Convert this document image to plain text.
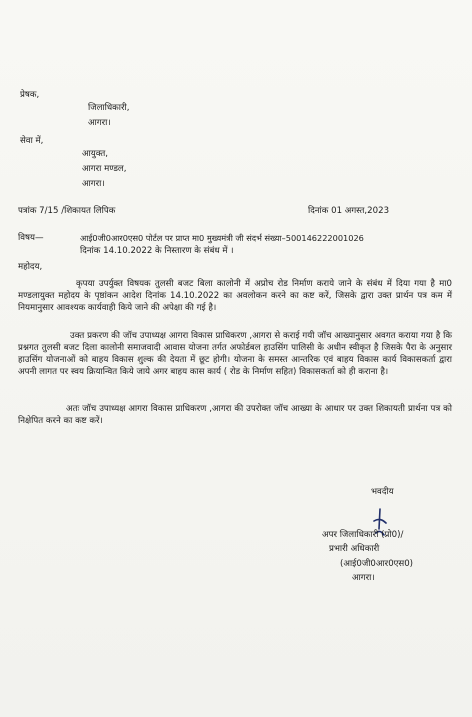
प्रेषक,
जिलाधिकारी,
आगरा।
सेवा में,
आयुक्त,
आगरा मण्डल,
आगरा।
पत्रांक 7/15 /शिकायत लिपिक	दिनांक 01 अगस्त,2023
विषय—	आई0जी0आर0एस0 पोर्टल पर प्राप्त मा0 मुख्यमंत्री जी संदर्भ संख्या–500146222001026
दिनांक 14.10.2022 के निस्तारण के संबंध में ।
महोदय,
कृपया उपर्युक्त विषयक तुलसी बजट बिला कालोनी में अप्रोच रोड निर्माण कराये जाने के संबंध में दिया गया है मा0 मण्डलायुक्त महोदय के पृष्ठांकन आदेश दिनांक 14.10.2022 का अवलोकन करने का कष्ट करें, जिसके द्वारा उक्त प्रार्थन पत्र कम में नियमानुसार आवश्यक कार्यवाही किये जाने की अपेक्षा की गई है।
उक्त प्रकरण की जॉच उपाध्यक्ष आगरा विकास प्राधिकरण ,आगरा से कराई गयी जॉच आख्यानुसार अवगत कराया गया है कि प्रश्नगत तुलसी बजट दिला कालोनी समाजवादी आवास योजना तर्गत अफोर्डबल हाउसिंग पालिसी के अधीन स्वीकृत है जिसके पैरा के अनुसार हाउसिंग योजनाओं को बाहय विकास शुल्क की देयता में छूट होगी। योजना के समस्त आन्तरिक एवं बाहय विकास कार्य विकासकर्ता द्वारा अपनी लागत पर स्वय क्रियान्वित किये जाये अगर बाहय कास कार्य ( रोड के निर्माण सहित) विकासकर्ता को ही कराना है।
अतः जॉच उपाध्यक्ष आगरा विकास प्राधिकरण ,आगरा की उपरोक्त जॉच आख्या के आधार पर उक्त शिकायती प्रार्थना पत्र को निक्षेपित करने का कष्ट करें।
भवदीय
अपर जिलाधिकारी (प्रो0)/
प्रभारी अधिकारी
(आई0जी0आर0एस0)
आगरा।
